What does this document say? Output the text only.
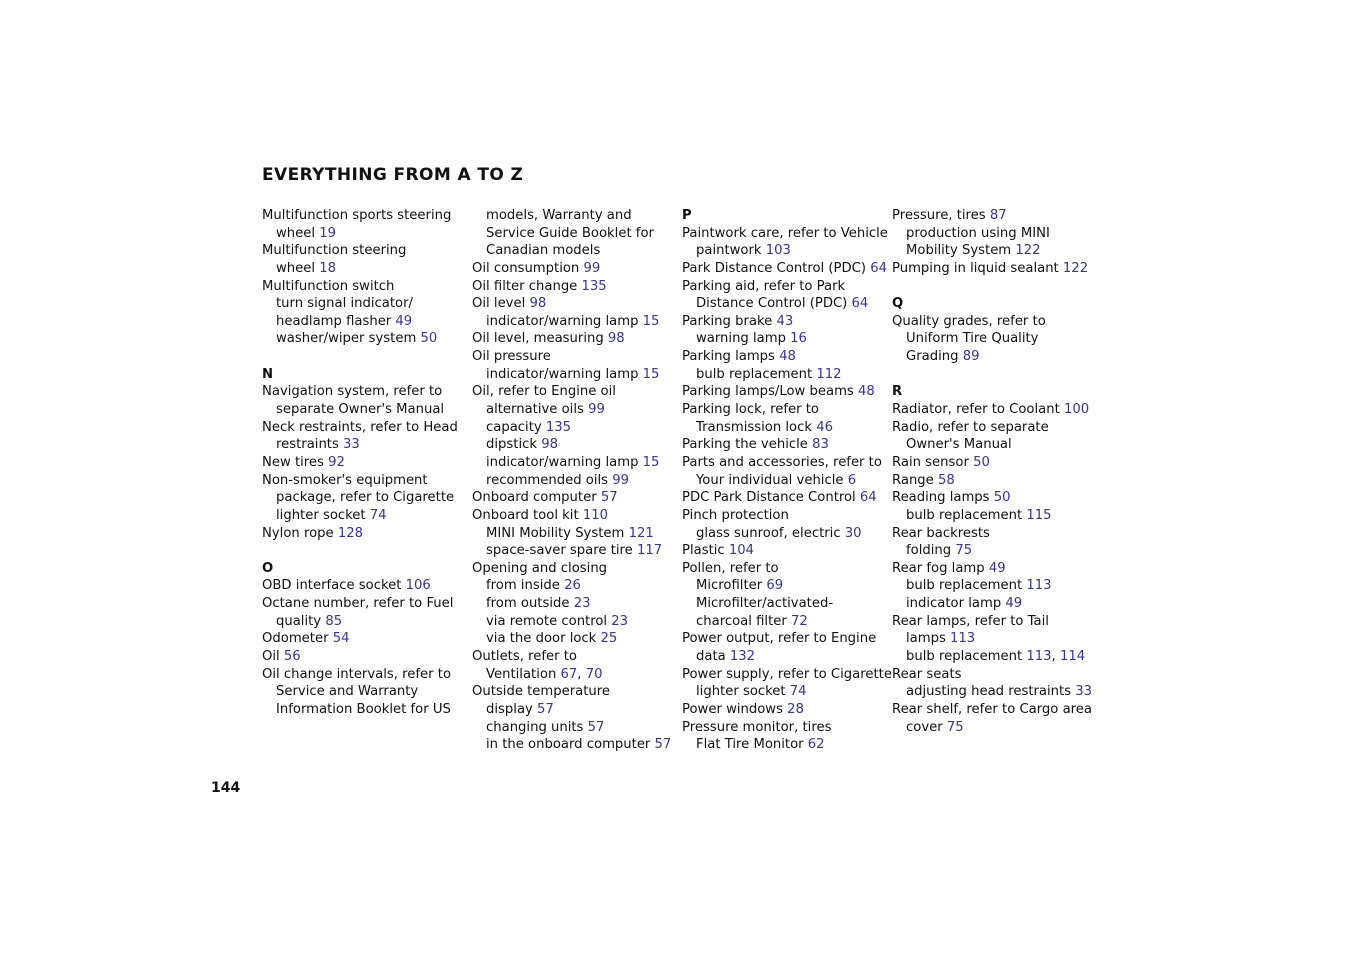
EVERYTHING FROM A TO Z
Multifunction sports steering
wheel 19
Multifunction steering
wheel 18
Multifunction switch
turn signal indicator/
headlamp flasher 49
washer/wiper system 50
N
Navigation system, refer to
separate Owner's Manual
Neck restraints, refer to Head
restraints 33
New tires 92
Non-smoker's equipment
package, refer to Cigarette
lighter socket 74
Nylon rope 128
O
OBD interface socket 106
Octane number, refer to Fuel
quality 85
Odometer 54
Oil 56
Oil change intervals, refer to
Service and Warranty
Information Booklet for US
models, Warranty and
Service Guide Booklet for
Canadian models
Oil consumption 99
Oil filter change 135
Oil level 98
indicator/warning lamp 15
Oil level, measuring 98
Oil pressure
indicator/warning lamp 15
Oil, refer to Engine oil
alternative oils 99
capacity 135
dipstick 98
indicator/warning lamp 15
recommended oils 99
Onboard computer 57
Onboard tool kit 110
MINI Mobility System 121
space-saver spare tire 117
Opening and closing
from inside 26
from outside 23
via remote control 23
via the door lock 25
Outlets, refer to
Ventilation 67, 70
Outside temperature
display 57
changing units 57
in the onboard computer 57
P
Paintwork care, refer to Vehicle
paintwork 103
Park Distance Control (PDC) 64
Parking aid, refer to Park
Distance Control (PDC) 64
Parking brake 43
warning lamp 16
Parking lamps 48
bulb replacement 112
Parking lamps/Low beams 48
Parking lock, refer to
Transmission lock 46
Parking the vehicle 83
Parts and accessories, refer to
Your individual vehicle 6
PDC Park Distance Control 64
Pinch protection
glass sunroof, electric 30
Plastic 104
Pollen, refer to
Microfilter 69
Microfilter/activated-
charcoal filter 72
Power output, refer to Engine
data 132
Power supply, refer to Cigarette
lighter socket 74
Power windows 28
Pressure monitor, tires
Flat Tire Monitor 62
Pressure, tires 87
production using MINI
Mobility System 122
Pumping in liquid sealant 122
Q
Quality grades, refer to
Uniform Tire Quality
Grading 89
R
Radiator, refer to Coolant 100
Radio, refer to separate
Owner's Manual
Rain sensor 50
Range 58
Reading lamps 50
bulb replacement 115
Rear backrests
folding 75
Rear fog lamp 49
bulb replacement 113
indicator lamp 49
Rear lamps, refer to Tail
lamps 113
bulb replacement 113, 114
Rear seats
adjusting head restraints 33
Rear shelf, refer to Cargo area
cover 75
144
